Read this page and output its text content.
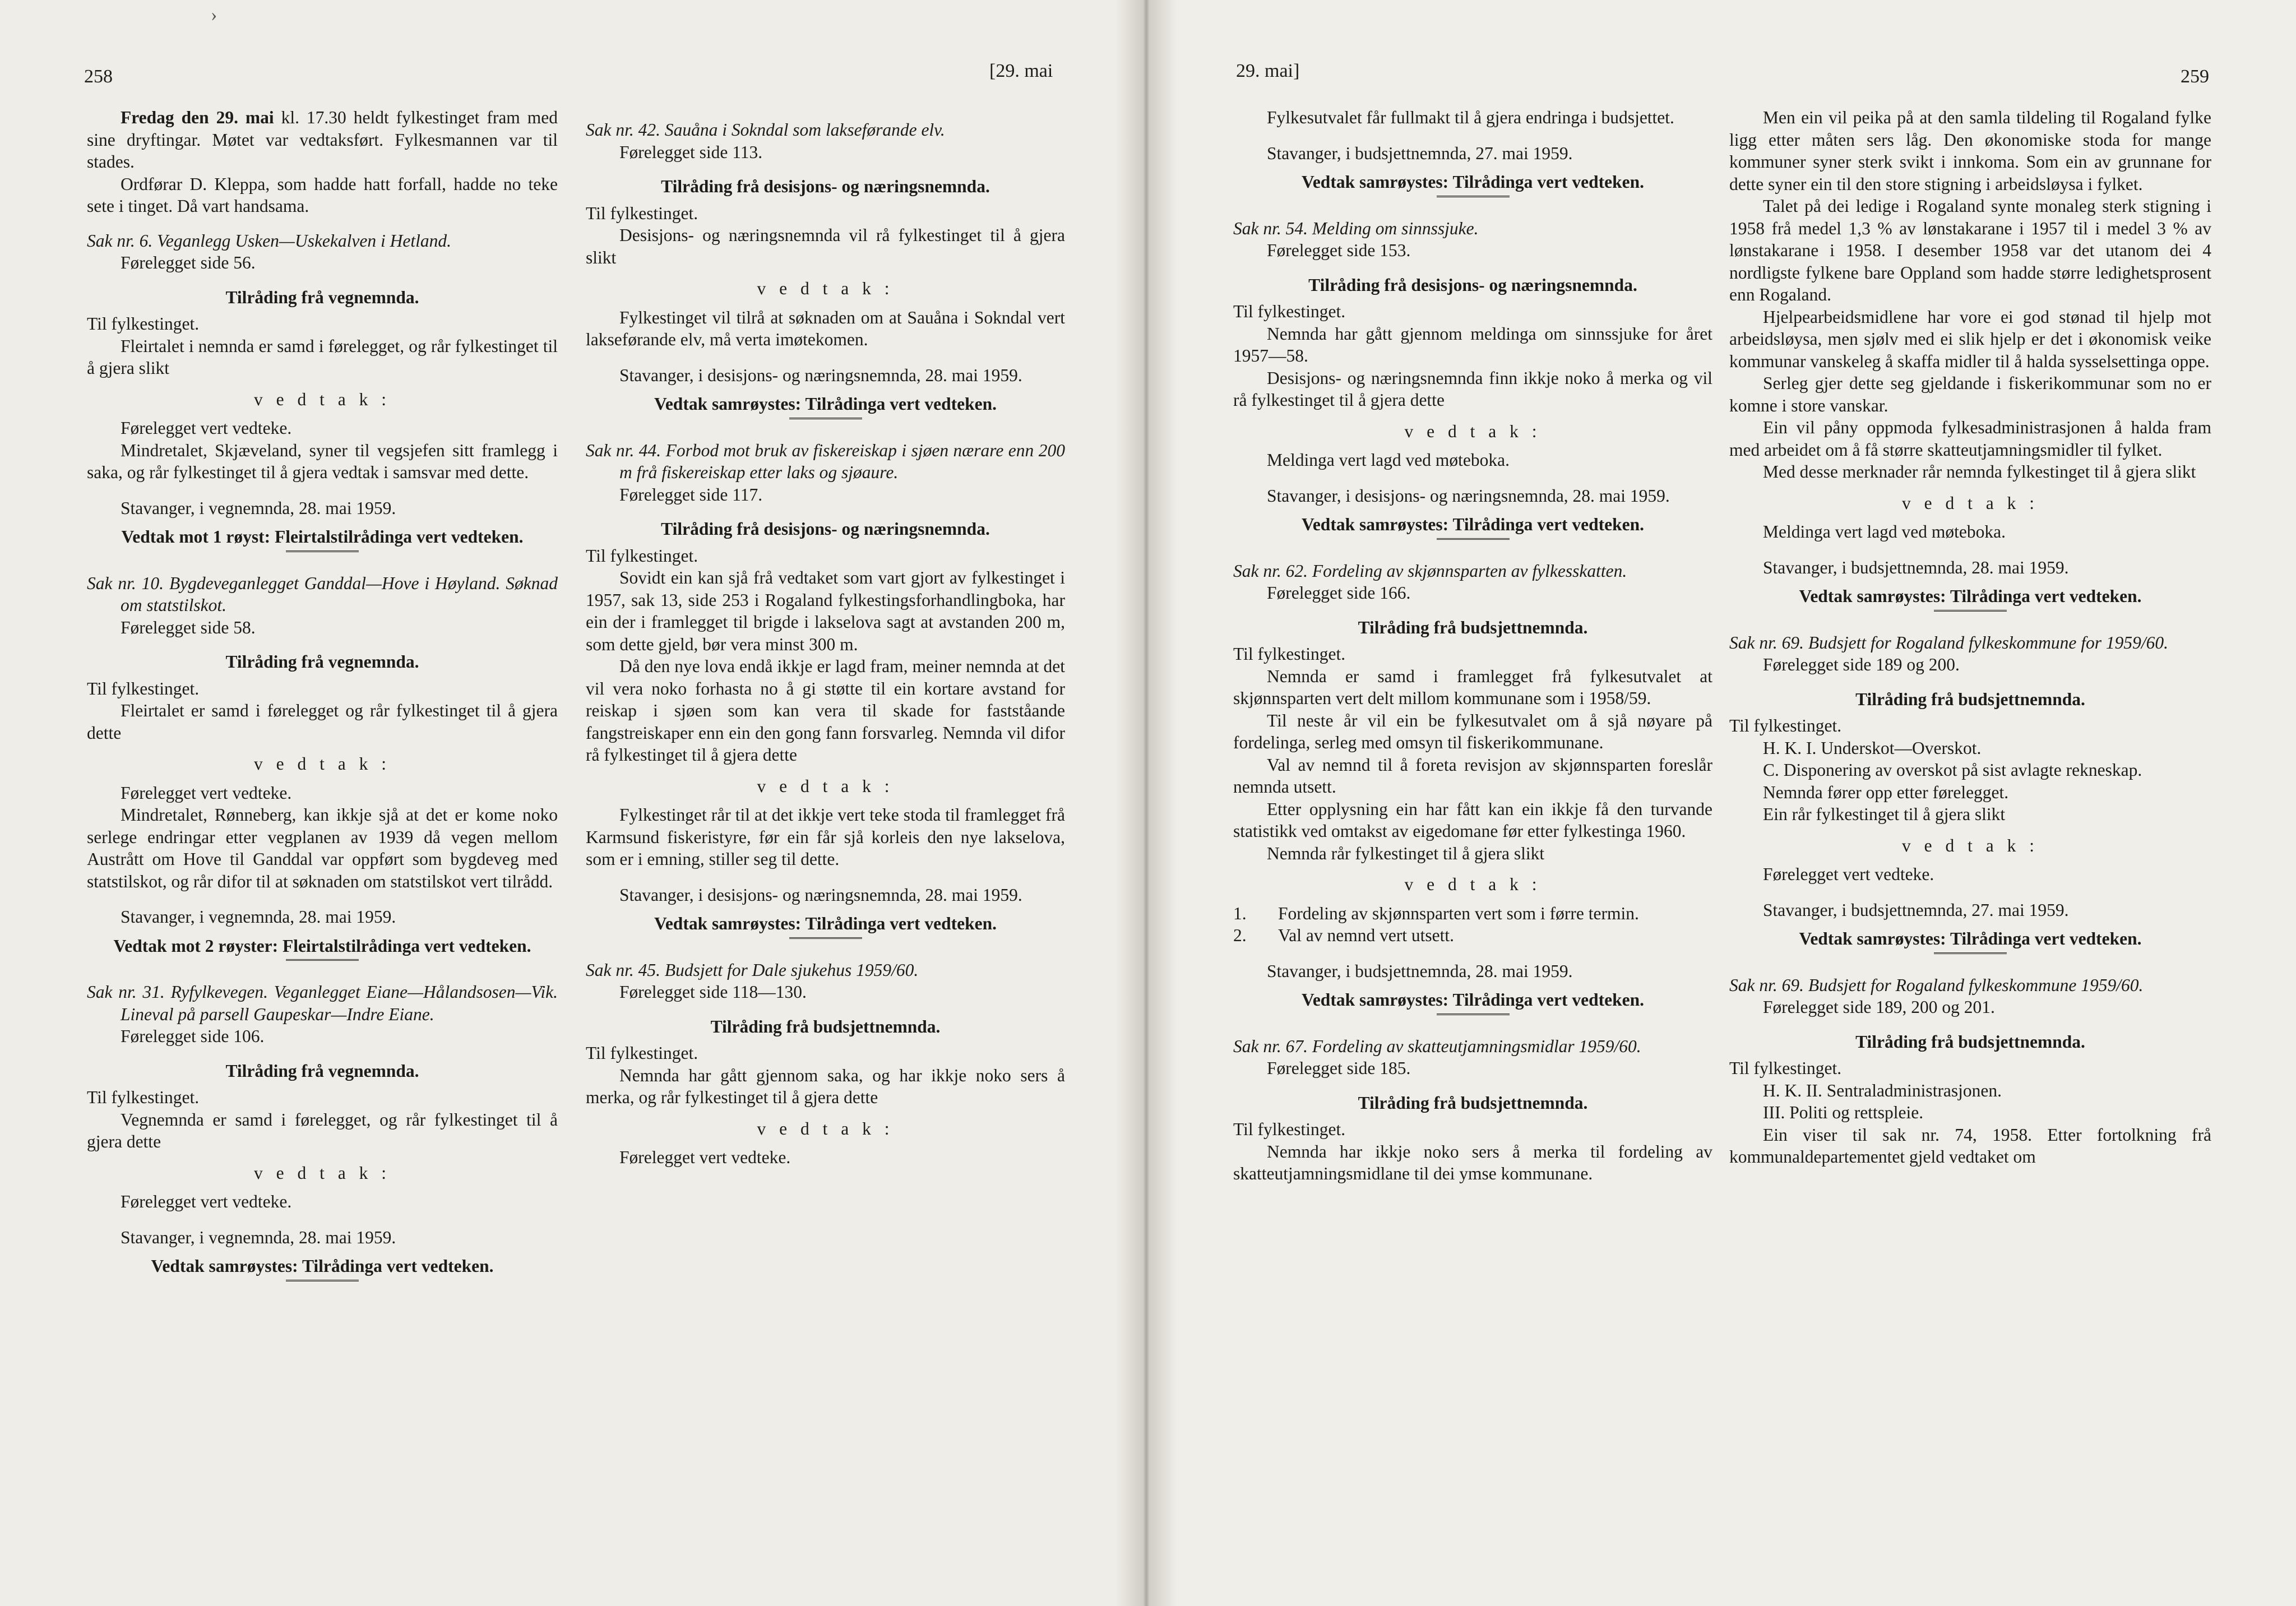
›
258	[29. mai

Fredag den 29. mai kl. 17.30 heldt fylkestinget fram med sine dryftingar. Møtet var vedtaksført. Fylkesmannen var til stades.

Ordførar D. Kleppa, som hadde hatt forfall, hadde no teke sete i tinget. Då vart handsama.

Sak nr. 6. Veganlegg Usken—Uskekalven i Hetland.

Førelegget side 56.

Tilråding frå vegnemnda.

Til fylkestinget.

Fleirtalet i nemnda er samd i førelegget, og rår fylkestinget til å gjera slikt

v e d t a k :

Førelegget vert vedteke.

Mindretalet, Skjæveland, syner til vegsjefen sitt framlegg i saka, og rår fylkestinget til å gjera vedtak i samsvar med dette.

Stavanger, i vegnemnda, 28. mai 1959.

Vedtak mot 1 røyst: Fleirtalstilrådinga vert vedteken.

Sak nr. 10. Bygdeveganlegget Ganddal—Hove i Høyland. Søknad om statstilskot.

Førelegget side 58.

Tilråding frå vegnemnda.

Til fylkestinget.

Fleirtalet er samd i førelegget og rår fylkestinget til å gjera dette

v e d t a k :

Førelegget vert vedteke.

Mindretalet, Rønneberg, kan ikkje sjå at det er kome noko serlege endringar etter vegplanen av 1939 då vegen mellom Austrått om Hove til Ganddal var oppført som bygdeveg med statstilskot, og rår difor til at søknaden om statstilskot vert tilrådd.

Stavanger, i vegnemnda, 28. mai 1959.

Vedtak mot 2 røyster: Fleirtalstilrådinga vert vedteken.

Sak nr. 31. Ryfylkevegen. Veganlegget Eiane—Hålandsosen—Vik. Lineval på parsell Gaupeskar—Indre Eiane.

Førelegget side 106.

Tilråding frå vegnemnda.

Til fylkestinget.

Vegnemnda er samd i førelegget, og rår fylkestinget til å gjera dette

v e d t a k :

Førelegget vert vedteke.

Stavanger, i vegnemnda, 28. mai 1959.

Vedtak samrøystes: Tilrådinga vert vedteken.

Sak nr. 42. Sauåna i Sokndal som lakseførande elv.

Førelegget side 113.

Tilråding frå desisjons- og næringsnemnda.

Til fylkestinget.

Desisjons- og næringsnemnda vil rå fylkestinget til å gjera slikt

v e d t a k :

Fylkestinget vil tilrå at søknaden om at Sauåna i Sokndal vert lakseførande elv, må verta imøtekomen.

Stavanger, i desisjons- og næringsnemnda, 28. mai 1959.

Vedtak samrøystes: Tilrådinga vert vedteken.

Sak nr. 44. Forbod mot bruk av fiskereiskap i sjøen nærare enn 200 m frå fiskereiskap etter laks og sjøaure.

Førelegget side 117.

Tilråding frå desisjons- og næringsnemnda.

Til fylkestinget.

Sovidt ein kan sjå frå vedtaket som vart gjort av fylkestinget i 1957, sak 13, side 253 i Rogaland fylkestingsforhandlingboka, har ein der i framlegget til brigde i lakselova sagt at avstanden 200 m, som dette gjeld, bør vera minst 300 m.

Då den nye lova endå ikkje er lagd fram, meiner nemnda at det vil vera noko forhasta no å gi støtte til ein kortare avstand for reiskap i sjøen som kan vera til skade for fastståande fangstreiskaper enn ein den gong fann forsvarleg. Nemnda vil difor rå fylkestinget til å gjera dette

v e d t a k :

Fylkestinget rår til at det ikkje vert teke stoda til framlegget frå Karmsund fiskeristyre, før ein får sjå korleis den nye lakselova, som er i emning, stiller seg til dette.

Stavanger, i desisjons- og næringsnemnda, 28. mai 1959.

Vedtak samrøystes: Tilrådinga vert vedteken.

Sak nr. 45. Budsjett for Dale sjukehus 1959/60.

Førelegget side 118—130.

Tilråding frå budsjettnemnda.

Til fylkestinget.

Nemnda har gått gjennom saka, og har ikkje noko sers å merka, og rår fylkestinget til å gjera dette

v e d t a k :

Førelegget vert vedteke.

29. mai]	259

Fylkesutvalet får fullmakt til å gjera endringa i budsjettet.

Stavanger, i budsjettnemnda, 27. mai 1959.

Vedtak samrøystes: Tilrådinga vert vedteken.

Sak nr. 54. Melding om sinnssjuke.

Førelegget side 153.

Tilråding frå desisjons- og næringsnemnda.

Til fylkestinget.

Nemnda har gått gjennom meldinga om sinnssjuke for året 1957—58.

Desisjons- og næringsnemnda finn ikkje noko å merka og vil rå fylkestinget til å gjera dette

v e d t a k :

Meldinga vert lagd ved møteboka.

Stavanger, i desisjons- og næringsnemnda, 28. mai 1959.

Vedtak samrøystes: Tilrådinga vert vedteken.

Sak nr. 62. Fordeling av skjønnsparten av fylkesskatten.

Førelegget side 166.

Tilråding frå budsjettnemnda.

Til fylkestinget.

Nemnda er samd i framlegget frå fylkesutvalet at skjønnsparten vert delt millom kommunane som i 1958/59.

Til neste år vil ein be fylkesutvalet om å sjå nøyare på fordelinga, serleg med omsyn til fiskerikommunane.

Val av nemnd til å foreta revisjon av skjønnsparten foreslår nemnda utsett.

Etter opplysning ein har fått kan ein ikkje få den turvande statistikk ved omtakst av eigedomane før etter fylkestinga 1960.

Nemnda rår fylkestinget til å gjera slikt

v e d t a k :

1. Fordeling av skjønnsparten vert som i førre termin.

2. Val av nemnd vert utsett.

Stavanger, i budsjettnemnda, 28. mai 1959.

Vedtak samrøystes: Tilrådinga vert vedteken.

Sak nr. 67. Fordeling av skatteutjamningsmidlar 1959/60.

Førelegget side 185.

Tilråding frå budsjettnemnda.

Til fylkestinget.

Nemnda har ikkje noko sers å merka til fordeling av skatteutjamningsmidlane til dei ymse kommunane.

Men ein vil peika på at den samla tildeling til Rogaland fylke ligg etter måten sers låg. Den økonomiske stoda for mange kommuner syner sterk svikt i innkoma. Som ein av grunnane for dette syner ein til den store stigning i arbeidsløysa i fylket.

Talet på dei ledige i Rogaland synte monaleg sterk stigning i 1958 frå medel 1,3 % av lønstakarane i 1957 til i medel 3 % av lønstakarane i 1958. I desember 1958 var det utanom dei 4 nordligste fylkene bare Oppland som hadde større ledighetsprosent enn Rogaland.

Hjelpearbeidsmidlene har vore ei god stønad til hjelp mot arbeidsløysa, men sjølv med ei slik hjelp er det i økonomisk veike kommunar vanskeleg å skaffa midler til å halda sysselsettinga oppe.

Serleg gjer dette seg gjeldande i fiskerikommunar som no er komne i store vanskar.

Ein vil påny oppmoda fylkesadministrasjonen å halda fram med arbeidet om å få større skatteutjamningsmidler til fylket.

Med desse merknader rår nemnda fylkestinget til å gjera slikt

v e d t a k :

Meldinga vert lagd ved møteboka.

Stavanger, i budsjettnemnda, 28. mai 1959.

Vedtak samrøystes: Tilrådinga vert vedteken.

Sak nr. 69. Budsjett for Rogaland fylkeskommune for 1959/60.

Førelegget side 189 og 200.

Tilråding frå budsjettnemnda.

Til fylkestinget.

H. K. I. Underskot—Overskot.

C. Disponering av overskot på sist avlagte rekneskap.

Nemnda fører opp etter førelegget.

Ein rår fylkestinget til å gjera slikt

v e d t a k :

Førelegget vert vedteke.

Stavanger, i budsjettnemnda, 27. mai 1959.

Vedtak samrøystes: Tilrådinga vert vedteken.

Sak nr. 69. Budsjett for Rogaland fylkeskommune 1959/60.

Førelegget side 189, 200 og 201.

Tilråding frå budsjettnemnda.

Til fylkestinget.

H. K. II. Sentraladministrasjonen.

III. Politi og rettspleie.

Ein viser til sak nr. 74, 1958. Etter fortolkning frå kommunaldepartementet gjeld vedtaket om
